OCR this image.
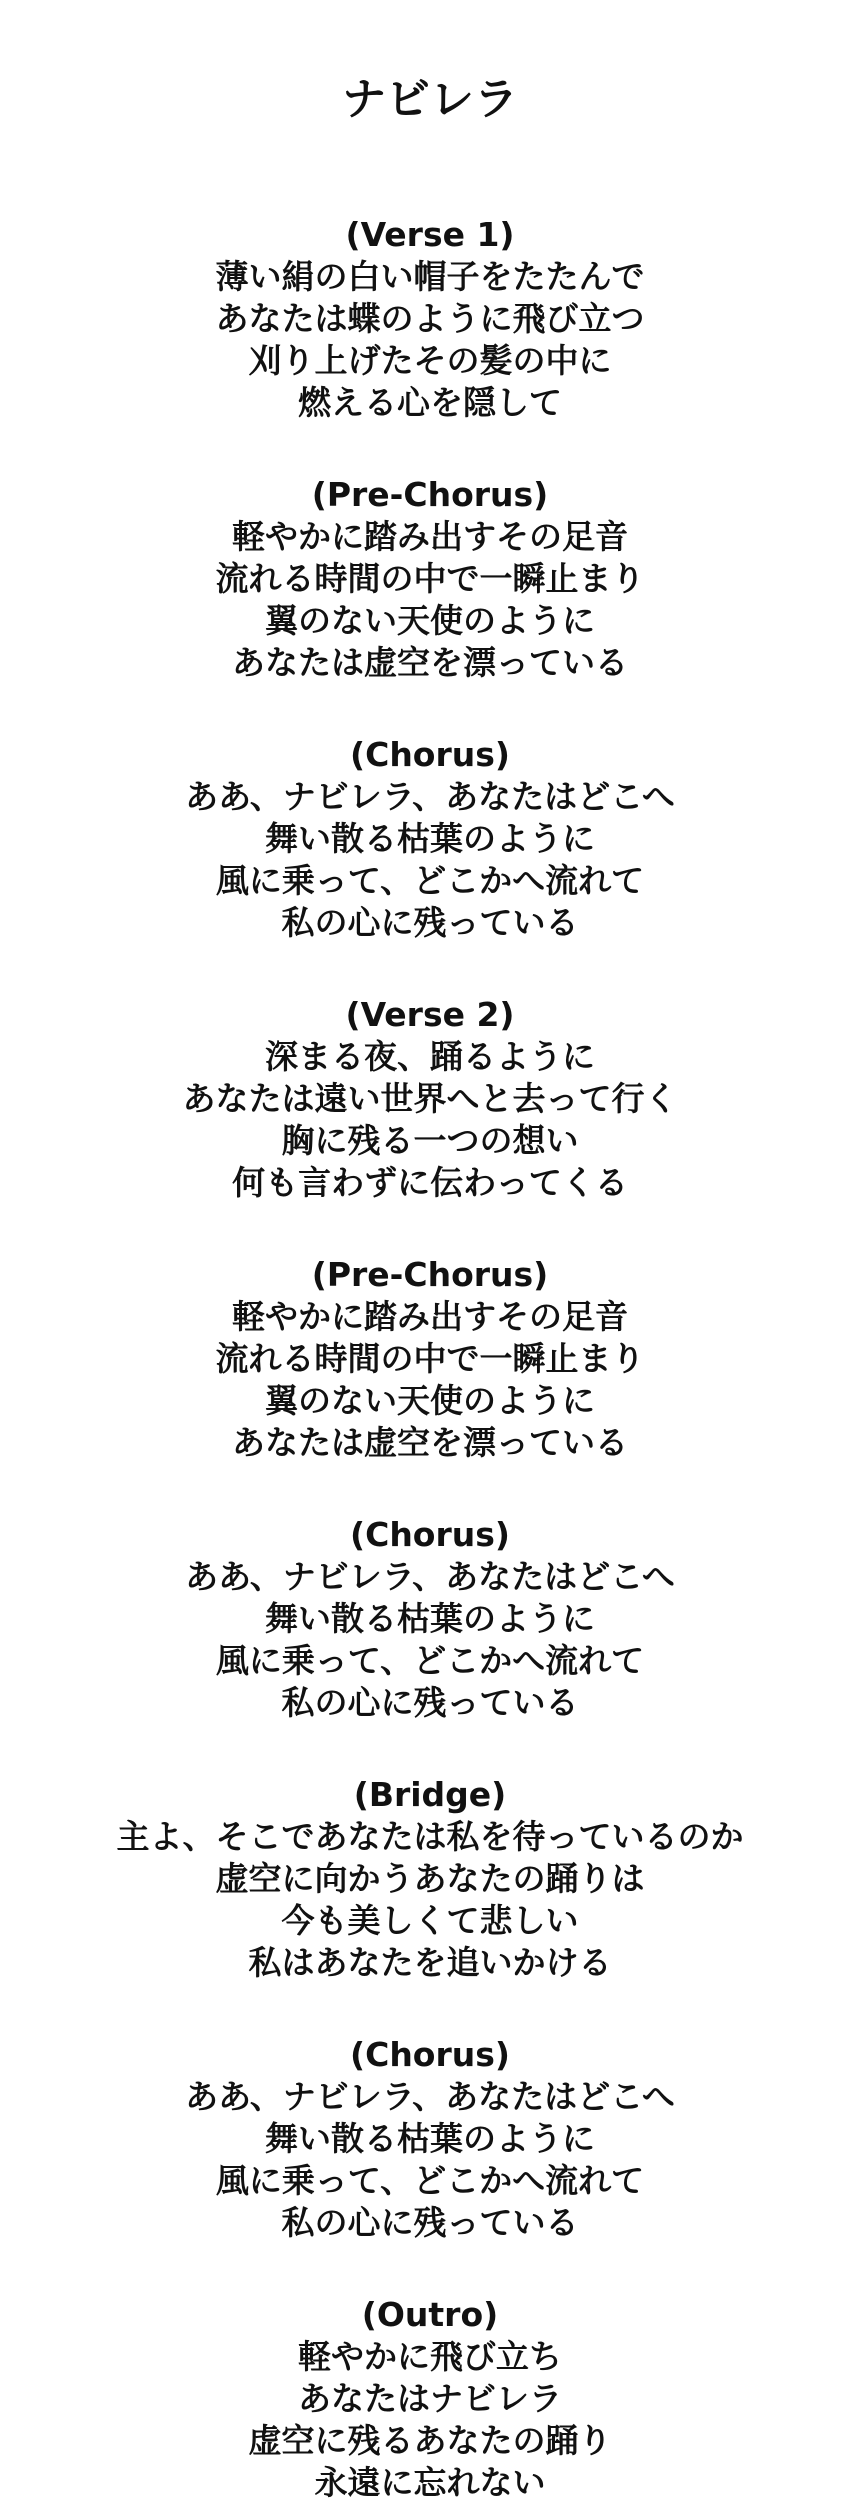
ナビレラ

(Verse 1)

薄い絹の白い帽子をたたんで

あなたは蝶のように飛び立つ

刈り上げたその髪の中に

燃える心を隠して

(Pre-Chorus)

軽やかに踏み出すその足音

流れる時間の中で一瞬止まり

翼のない天使のように

あなたは虚空を漂っている

(Chorus)

ああ、ナビレラ、あなたはどこへ

舞い散る枯葉のように

風に乗って、どこかへ流れて

私の心に残っている

(Verse 2)

深まる夜、踊るように

あなたは遠い世界へと去って行く

胸に残る一つの想い

何も言わずに伝わってくる

(Pre-Chorus)

軽やかに踏み出すその足音

流れる時間の中で一瞬止まり

翼のない天使のように

あなたは虚空を漂っている

(Chorus)

ああ、ナビレラ、あなたはどこへ

舞い散る枯葉のように

風に乗って、どこかへ流れて

私の心に残っている

(Bridge)

主よ、そこであなたは私を待っているのか

虚空に向かうあなたの踊りは

今も美しくて悲しい

私はあなたを追いかける

(Chorus)

ああ、ナビレラ、あなたはどこへ

舞い散る枯葉のように

風に乗って、どこかへ流れて

私の心に残っている

(Outro)

軽やかに飛び立ち

あなたはナビレラ

虚空に残るあなたの踊り

永遠に忘れない
